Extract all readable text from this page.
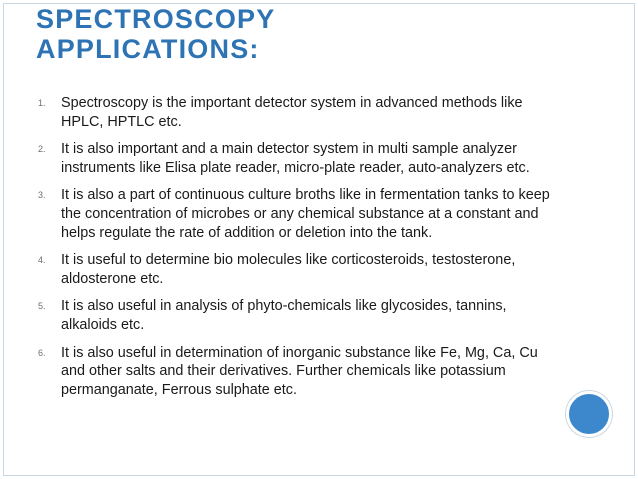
SPECTROSCOPY
APPLICATIONS:
1.	Spectroscopy is the important detector system in advanced methods like HPLC, HPTLC etc.
2.	It is also important and a main detector system in multi sample analyzer instruments like Elisa plate reader, micro-plate reader, auto-analyzers etc.
3.	It is also a part of continuous culture broths like in fermentation tanks to keep the concentration of microbes or any chemical substance at a constant and helps regulate the rate of addition or deletion into the tank.
4.	It is useful to determine bio molecules like corticosteroids, testosterone, aldosterone etc.
5.	It is also useful in analysis of phyto-chemicals like glycosides, tannins, alkaloids etc.
6.	It is also useful in determination of inorganic substance like Fe, Mg, Ca, Cu and other salts and their derivatives. Further chemicals like potassium permanganate, Ferrous sulphate etc.
